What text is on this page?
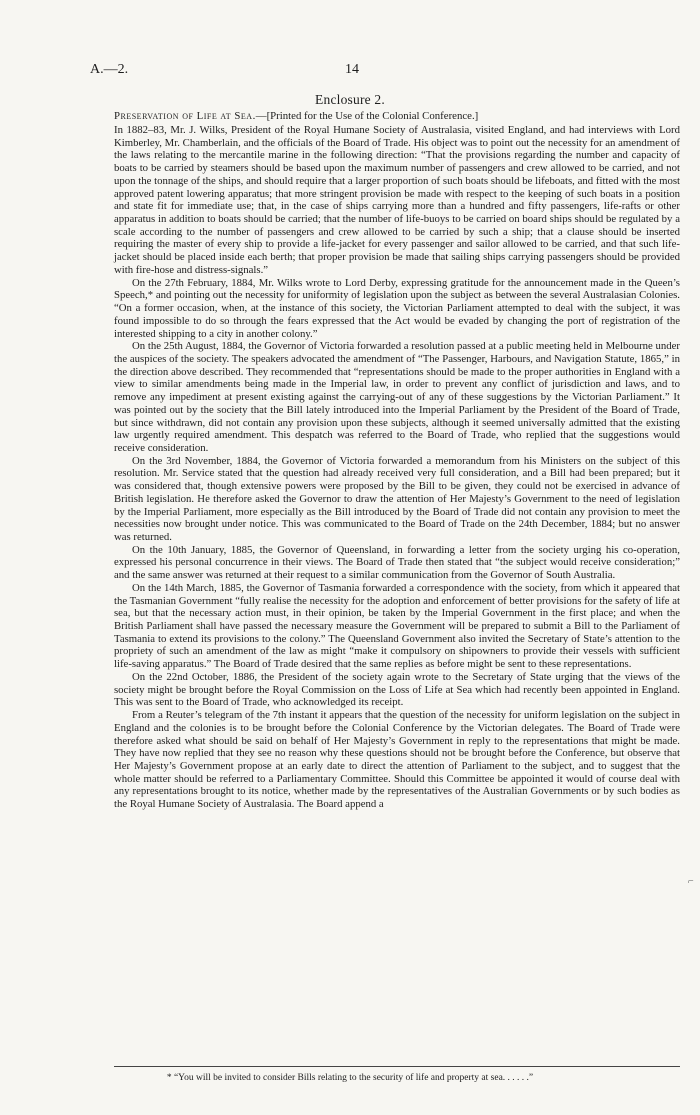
A.—2.	14
Enclosure 2.
Preservation of Life at Sea.—[Printed for the Use of the Colonial Conference.]

In 1882–83, Mr. J. Wilks, President of the Royal Humane Society of Australasia, visited England, and had interviews with Lord Kimberley, Mr. Chamberlain, and the officials of the Board of Trade. His object was to point out the necessity for an amendment of the laws relating to the mercantile marine in the following direction: “That the provisions regarding the number and capacity of boats to be carried by steamers should be based upon the maximum number of passengers and crew allowed to be carried, and not upon the tonnage of the ships, and should require that a larger proportion of such boats should be lifeboats, and fitted with the most approved patent lowering apparatus; that more stringent provision be made with respect to the keeping of such boats in a position and state fit for immediate use; that, in the case of ships carrying more than a hundred and fifty passengers, life-rafts or other apparatus in addition to boats should be carried; that the number of life-buoys to be carried on board ships should be regulated by a scale according to the number of passengers and crew allowed to be carried by such a ship; that a clause should be inserted requiring the master of every ship to provide a life-jacket for every passenger and sailor allowed to be carried, and that such life-jacket should be placed inside each berth; that proper provision be made that sailing ships carrying passengers should be provided with fire-hose and distress-signals.”

On the 27th February, 1884, Mr. Wilks wrote to Lord Derby, expressing gratitude for the announcement made in the Queen’s Speech,* and pointing out the necessity for uniformity of legislation upon the subject as between the several Australasian Colonies. “On a former occasion, when, at the instance of this society, the Victorian Parliament attempted to deal with the subject, it was found impossible to do so through the fears expressed that the Act would be evaded by changing the port of registration of the interested shipping to a city in another colony.”

On the 25th August, 1884, the Governor of Victoria forwarded a resolution passed at a public meeting held in Melbourne under the auspices of the society. The speakers advocated the amendment of “The Passenger, Harbours, and Navigation Statute, 1865,” in the direction above described. They recommended that “representations should be made to the proper authorities in England with a view to similar amendments being made in the Imperial law, in order to prevent any conflict of jurisdiction and laws, and to remove any impediment at present existing against the carrying-out of any of these suggestions by the Victorian Parliament.” It was pointed out by the society that the Bill lately introduced into the Imperial Parliament by the President of the Board of Trade, but since withdrawn, did not contain any provision upon these subjects, although it seemed universally admitted that the existing law urgently required amendment. This despatch was referred to the Board of Trade, who replied that the suggestions would receive consideration.

On the 3rd November, 1884, the Governor of Victoria forwarded a memorandum from his Ministers on the subject of this resolution. Mr. Service stated that the question had already received very full consideration, and a Bill had been prepared; but it was considered that, though extensive powers were proposed by the Bill to be given, they could not be exercised in advance of British legislation. He therefore asked the Governor to draw the attention of Her Majesty’s Government to the need of legislation by the Imperial Parliament, more especially as the Bill introduced by the Board of Trade did not contain any provision to meet the necessities now brought under notice. This was communicated to the Board of Trade on the 24th December, 1884; but no answer was returned.

On the 10th January, 1885, the Governor of Queensland, in forwarding a letter from the society urging his co-operation, expressed his personal concurrence in their views. The Board of Trade then stated that “the subject would receive consideration;” and the same answer was returned at their request to a similar communication from the Governor of South Australia.

On the 14th March, 1885, the Governor of Tasmania forwarded a correspondence with the society, from which it appeared that the Tasmanian Government “fully realise the necessity for the adoption and enforcement of better provisions for the safety of life at sea, but that the necessary action must, in their opinion, be taken by the Imperial Government in the first place; and when the British Parliament shall have passed the necessary measure the Government will be prepared to submit a Bill to the Parliament of Tasmania to extend its provisions to the colony.” The Queensland Government also invited the Secretary of State’s attention to the propriety of such an amendment of the law as might “make it compulsory on shipowners to provide their vessels with sufficient life-saving apparatus.” The Board of Trade desired that the same replies as before might be sent to these representations.

On the 22nd October, 1886, the President of the society again wrote to the Secretary of State urging that the views of the society might be brought before the Royal Commission on the Loss of Life at Sea which had recently been appointed in England. This was sent to the Board of Trade, who acknowledged its receipt.

From a Reuter’s telegram of the 7th instant it appears that the question of the necessity for uniform legislation on the subject in England and the colonies is to be brought before the Colonial Conference by the Victorian delegates. The Board of Trade were therefore asked what should be said on behalf of Her Majesty’s Government in reply to the representations that might be made. They have now replied that they see no reason why these questions should not be brought before the Conference, but observe that Her Majesty’s Government propose at an early date to direct the attention of Parliament to the subject, and to suggest that the whole matter should be referred to a Parliamentary Committee. Should this Committee be appointed it would of course deal with any representations brought to its notice, whether made by the representatives of the Australian Governments or by such bodies as the Royal Humane Society of Australasia. The Board append a

⌐
* “You will be invited to consider Bills relating to the security of life and property at sea. . . . . .”
